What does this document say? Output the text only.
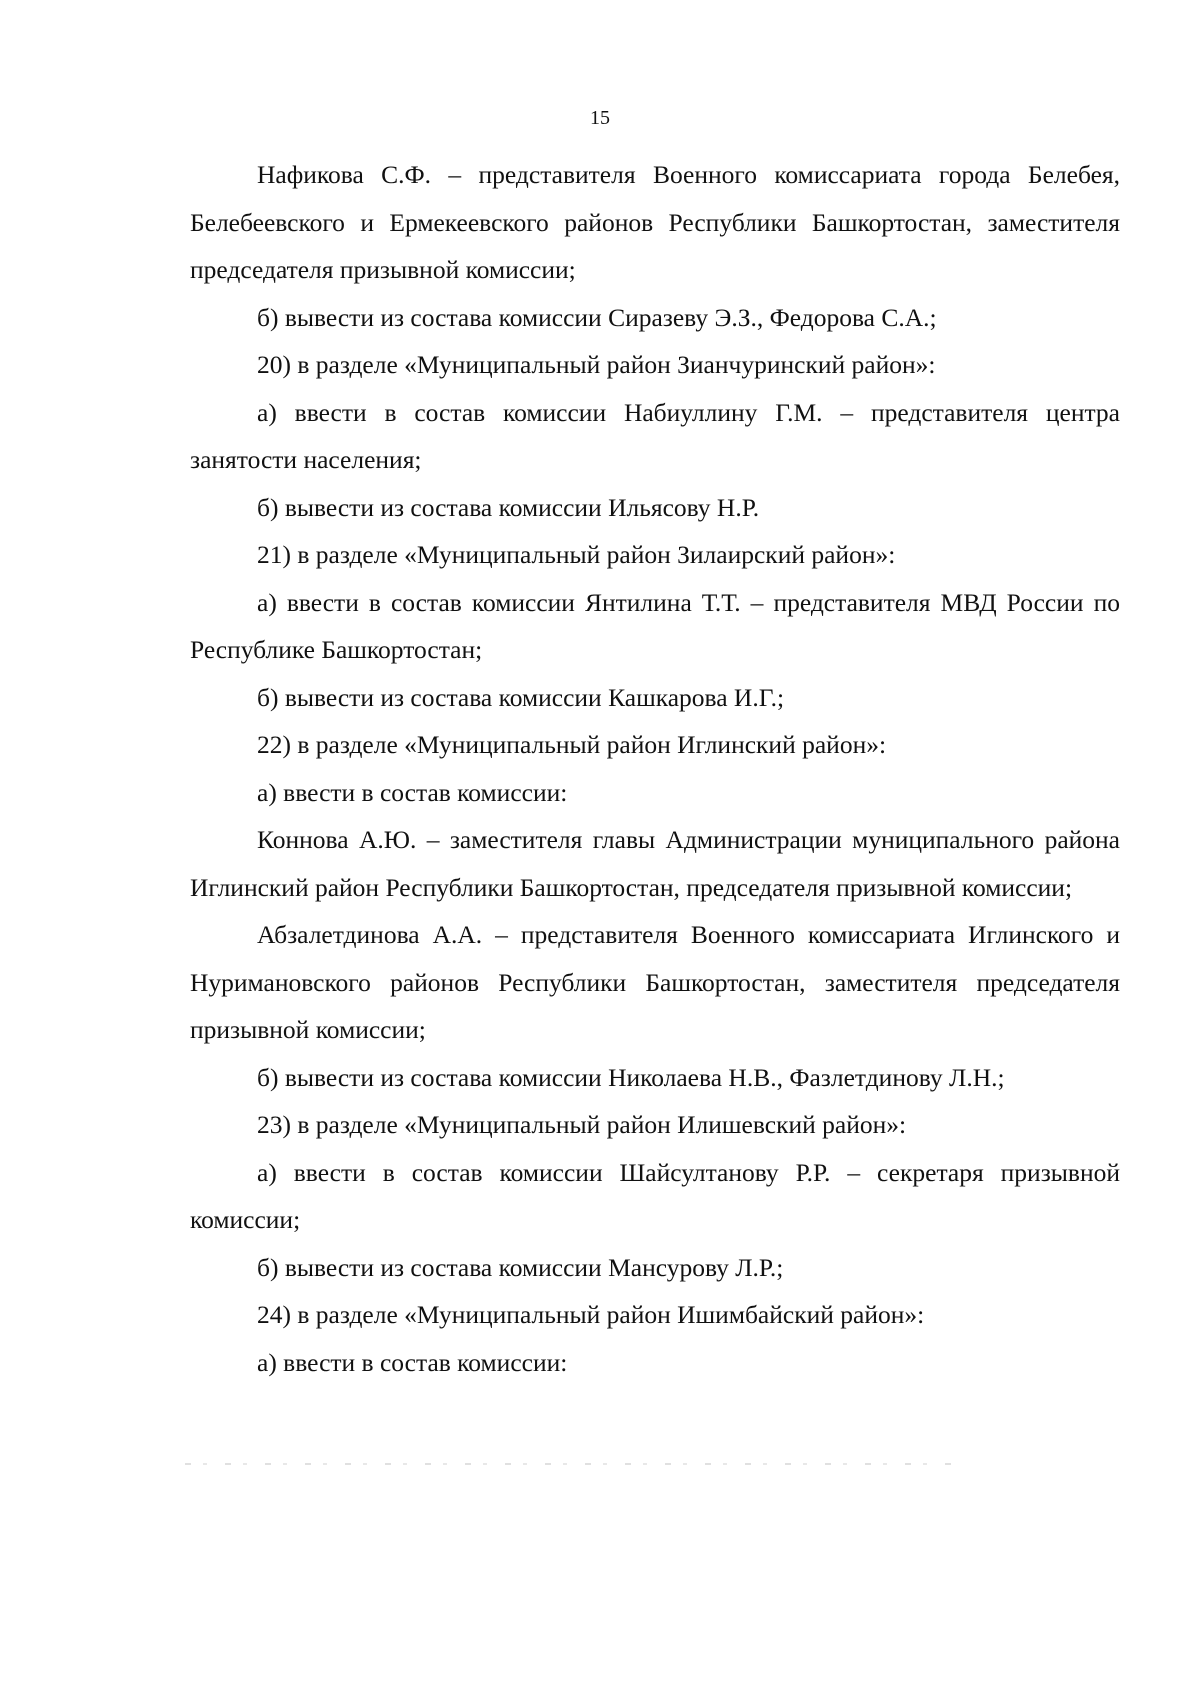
15

Нафикова С.Ф. – представителя Военного комиссариата города Белебея, Белебеевского и Ермекеевского районов Республики Башкортостан, заместителя председателя призывной комиссии;

б) вывести из состава комиссии Сиразеву Э.З., Федорова С.А.;

20) в разделе «Муниципальный район Зианчуринский район»:

а) ввести в состав комиссии Набиуллину Г.М. – представителя центра занятости населения;

б) вывести из состава комиссии Ильясову Н.Р.

21) в разделе «Муниципальный район Зилаирский район»:

а) ввести в состав комиссии Янтилина Т.Т. – представителя МВД России по Республике Башкортостан;

б) вывести из состава комиссии Кашкарова И.Г.;

22) в разделе «Муниципальный район Иглинский район»:

а) ввести в состав комиссии:

Коннова А.Ю. – заместителя главы Администрации муниципального района Иглинский район Республики Башкортостан, председателя призывной комиссии;

Абзалетдинова А.А. – представителя Военного комиссариата Иглинского и Нуримановского районов Республики Башкортостан, заместителя председателя призывной комиссии;

б) вывести из состава комиссии Николаева Н.В., Фазлетдинову Л.Н.;

23) в разделе «Муниципальный район Илишевский район»:

а) ввести в состав комиссии Шайсултанову Р.Р. – секретаря призывной комиссии;

б) вывести из состава комиссии Мансурову Л.Р.;

24) в разделе «Муниципальный район Ишимбайский район»:

а) ввести в состав комиссии:
